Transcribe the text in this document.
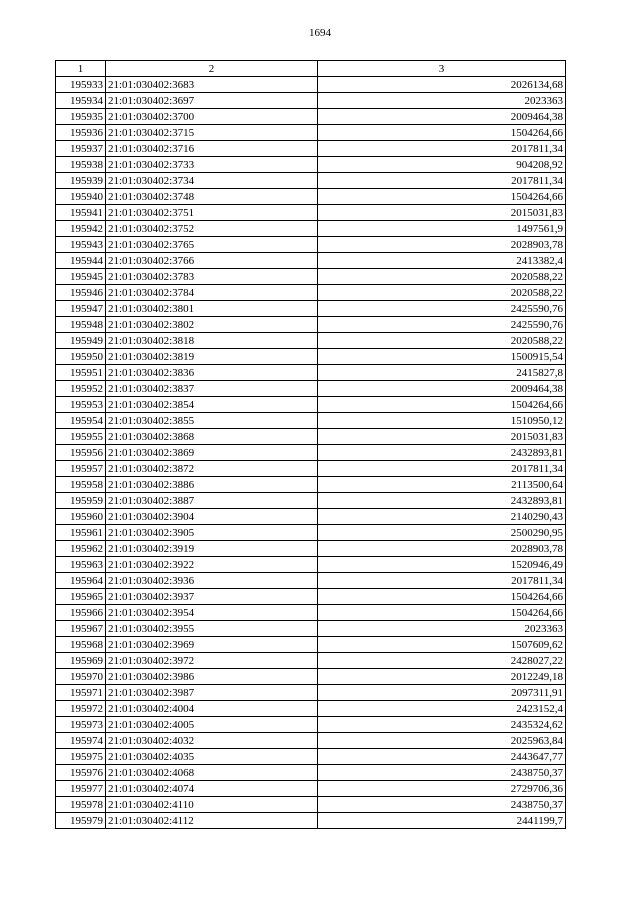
1694
1	2	3
195933	21:01:030402:3683	2026134,68
195934	21:01:030402:3697	2023363
195935	21:01:030402:3700	2009464,38
195936	21:01:030402:3715	1504264,66
195937	21:01:030402:3716	2017811,34
195938	21:01:030402:3733	904208,92
195939	21:01:030402:3734	2017811,34
195940	21:01:030402:3748	1504264,66
195941	21:01:030402:3751	2015031,83
195942	21:01:030402:3752	1497561,9
195943	21:01:030402:3765	2028903,78
195944	21:01:030402:3766	2413382,4
195945	21:01:030402:3783	2020588,22
195946	21:01:030402:3784	2020588,22
195947	21:01:030402:3801	2425590,76
195948	21:01:030402:3802	2425590,76
195949	21:01:030402:3818	2020588,22
195950	21:01:030402:3819	1500915,54
195951	21:01:030402:3836	2415827,8
195952	21:01:030402:3837	2009464,38
195953	21:01:030402:3854	1504264,66
195954	21:01:030402:3855	1510950,12
195955	21:01:030402:3868	2015031,83
195956	21:01:030402:3869	2432893,81
195957	21:01:030402:3872	2017811,34
195958	21:01:030402:3886	2113500,64
195959	21:01:030402:3887	2432893,81
195960	21:01:030402:3904	2140290,43
195961	21:01:030402:3905	2500290,95
195962	21:01:030402:3919	2028903,78
195963	21:01:030402:3922	1520946,49
195964	21:01:030402:3936	2017811,34
195965	21:01:030402:3937	1504264,66
195966	21:01:030402:3954	1504264,66
195967	21:01:030402:3955	2023363
195968	21:01:030402:3969	1507609,62
195969	21:01:030402:3972	2428027,22
195970	21:01:030402:3986	2012249,18
195971	21:01:030402:3987	2097311,91
195972	21:01:030402:4004	2423152,4
195973	21:01:030402:4005	2435324,62
195974	21:01:030402:4032	2025963,84
195975	21:01:030402:4035	2443647,77
195976	21:01:030402:4068	2438750,37
195977	21:01:030402:4074	2729706,36
195978	21:01:030402:4110	2438750,37
195979	21:01:030402:4112	2441199,7
